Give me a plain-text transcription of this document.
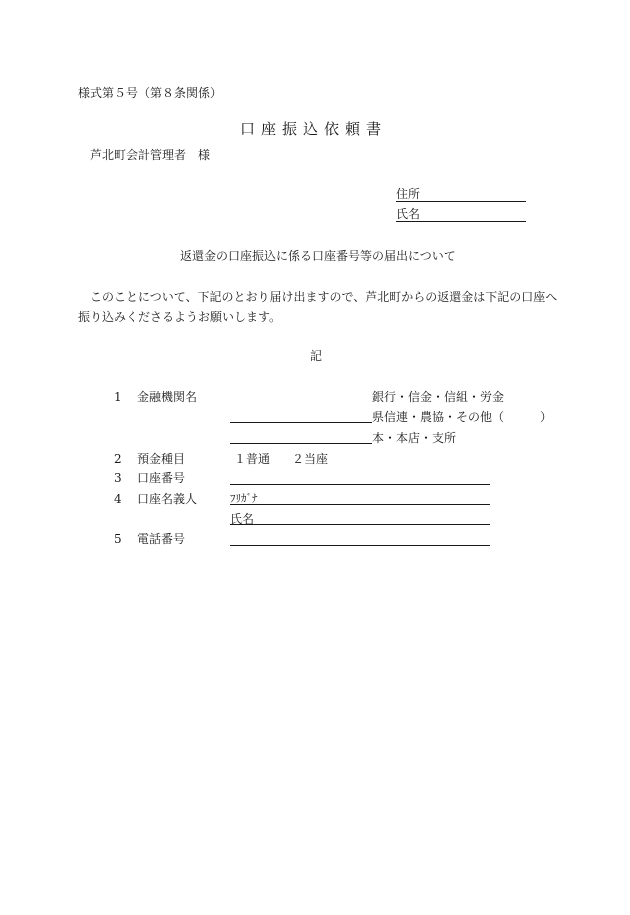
様式第５号（第８条関係）
口座振込依頼書
芦北町会計管理者　様
住所
氏名
返還金の口座振込に係る口座番号等の届出について
このことについて、下記のとおり届け出ますので、芦北町からの返還金は下記の口座へ
振り込みくださるようお願いします。
記
1 金融機関名	銀行・信金・信組・労金
県信連・農協・その他（　　　）
本・本店・支所
2 預金種目	１普通 ２当座
3 口座番号
4 口座名義人	ﾌﾘｶﾞﾅ
氏名
5 電話番号
